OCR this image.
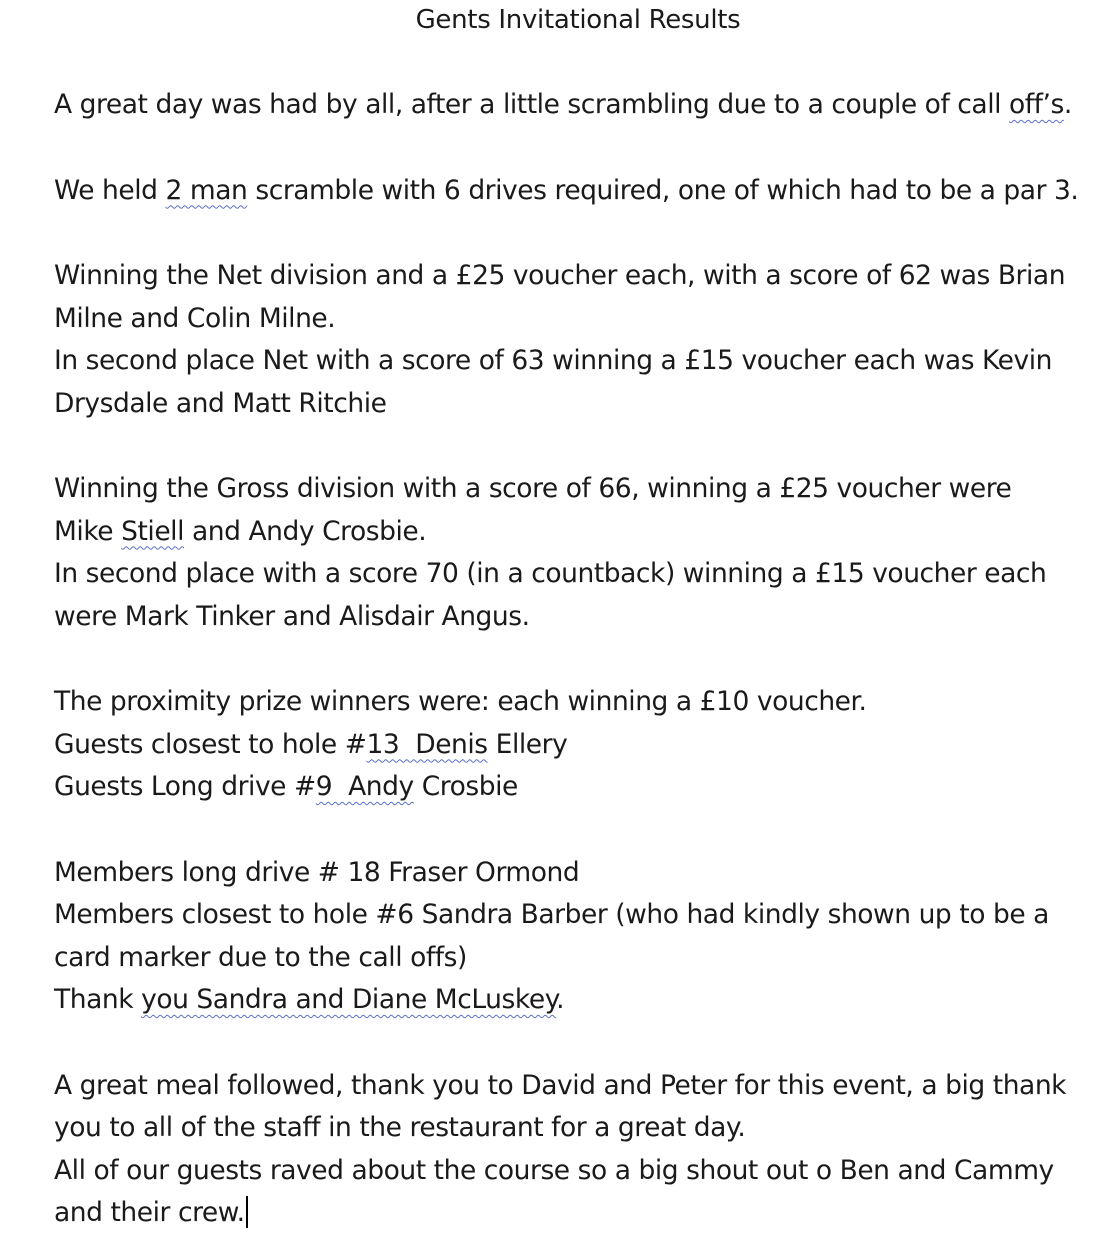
Gents Invitational Results
A great day was had by all, after a little scrambling due to a couple of call off’s.
We held 2 man scramble with 6 drives required, one of which had to be a par 3.
Winning the Net division and a £25 voucher each, with a score of 62 was Brian
Milne and Colin Milne.
In second place Net with a score of 63 winning a £15 voucher each was Kevin
Drysdale and Matt Ritchie
Winning the Gross division with a score of 66, winning a £25 voucher were
Mike Stiell and Andy Crosbie.
In second place with a score 70 (in a countback) winning a £15 voucher each
were Mark Tinker and Alisdair Angus.
The proximity prize winners were: each winning a £10 voucher.
Guests closest to hole #13  Denis Ellery
Guests Long drive #9  Andy Crosbie
Members long drive # 18 Fraser Ormond
Members closest to hole #6 Sandra Barber (who had kindly shown up to be a
card marker due to the call offs)
Thank you Sandra and Diane McLuskey.
A great meal followed, thank you to David and Peter for this event, a big thank
you to all of the staff in the restaurant for a great day.
All of our guests raved about the course so a big shout out o Ben and Cammy
and their crew.
